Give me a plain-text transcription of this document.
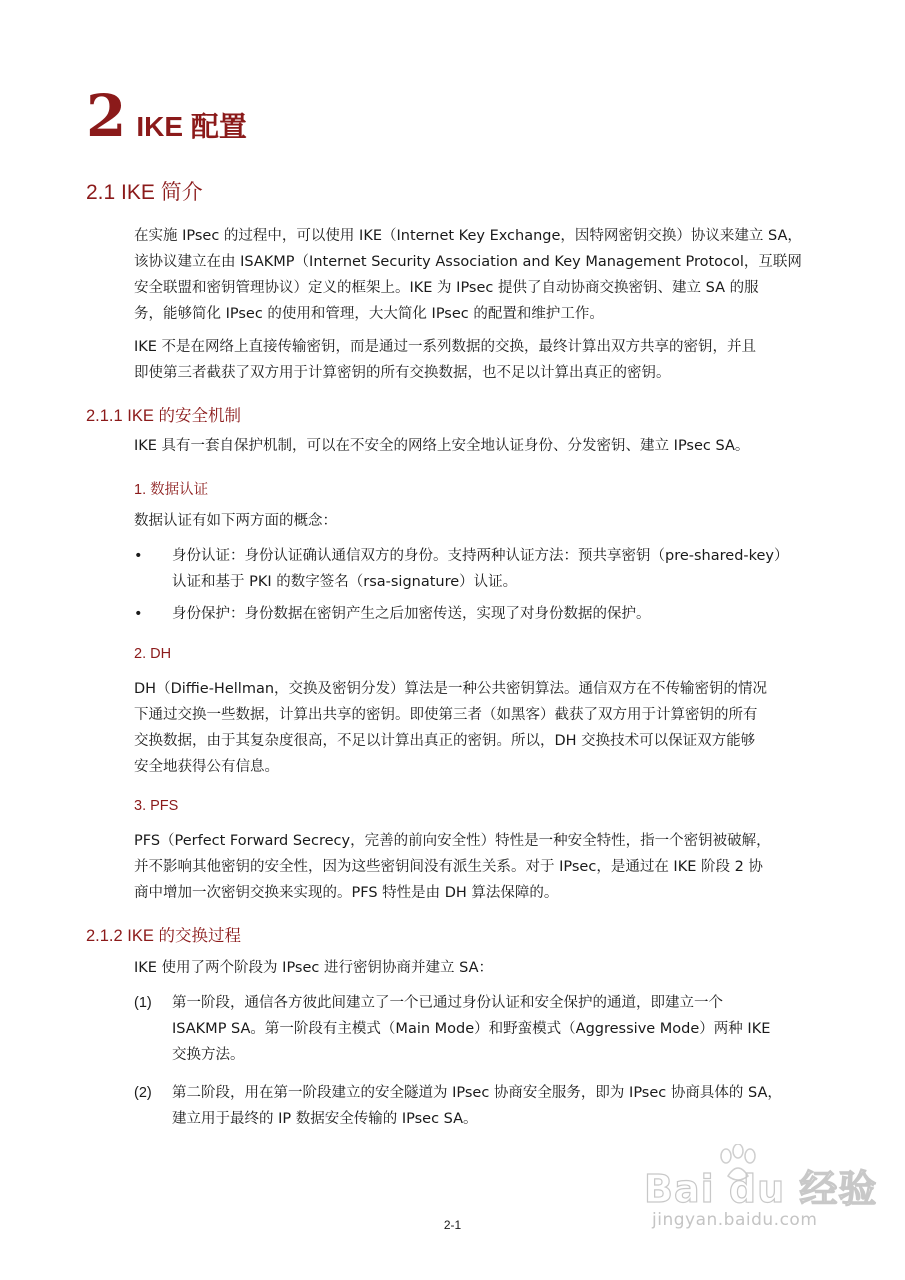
2 IKE 配置
2.1 IKE 简介

在实施 IPsec 的过程中，可以使用 IKE（Internet Key Exchange，因特网密钥交换）协议来建立 SA，
该协议建立在由 ISAKMP（Internet Security Association and Key Management Protocol，互联网
安全联盟和密钥管理协议）定义的框架上。IKE 为 IPsec 提供了自动协商交换密钥、建立 SA 的服
务，能够简化 IPsec 的使用和管理，大大简化 IPsec 的配置和维护工作。

IKE 不是在网络上直接传输密钥，而是通过一系列数据的交换，最终计算出双方共享的密钥，并且
即使第三者截获了双方用于计算密钥的所有交换数据，也不足以计算出真正的密钥。

2.1.1 IKE 的安全机制

IKE 具有一套自保护机制，可以在不安全的网络上安全地认证身份、分发密钥、建立 IPsec SA。

1. 数据认证

数据认证有如下两方面的概念：

• 身份认证：身份认证确认通信双方的身份。支持两种认证方法：预共享密钥（pre-shared-key）
认证和基于 PKI 的数字签名（rsa-signature）认证。
• 身份保护：身份数据在密钥产生之后加密传送，实现了对身份数据的保护。
2. DH

DH（Diffie-Hellman，交换及密钥分发）算法是一种公共密钥算法。通信双方在不传输密钥的情况
下通过交换一些数据，计算出共享的密钥。即使第三者（如黑客）截获了双方用于计算密钥的所有
交换数据，由于其复杂度很高，不足以计算出真正的密钥。所以，DH 交换技术可以保证双方能够
安全地获得公有信息。

3. PFS

PFS（Perfect Forward Secrecy，完善的前向安全性）特性是一种安全特性，指一个密钥被破解，
并不影响其他密钥的安全性，因为这些密钥间没有派生关系。对于 IPsec，是通过在 IKE 阶段 2 协
商中增加一次密钥交换来实现的。PFS 特性是由 DH 算法保障的。

2.1.2 IKE 的交换过程

IKE 使用了两个阶段为 IPsec 进行密钥协商并建立 SA：

(1) 第一阶段，通信各方彼此间建立了一个已通过身份认证和安全保护的通道，即建立一个
ISAKMP SA。第一阶段有主模式（Main Mode）和野蛮模式（Aggressive Mode）两种 IKE
交换方法。
(2) 第二阶段，用在第一阶段建立的安全隧道为 IPsec 协商安全服务，即为 IPsec 协商具体的 SA，
建立用于最终的 IP 数据安全传输的 IPsec SA。
Bai du 经验
jingyan.baidu.com
2-1
